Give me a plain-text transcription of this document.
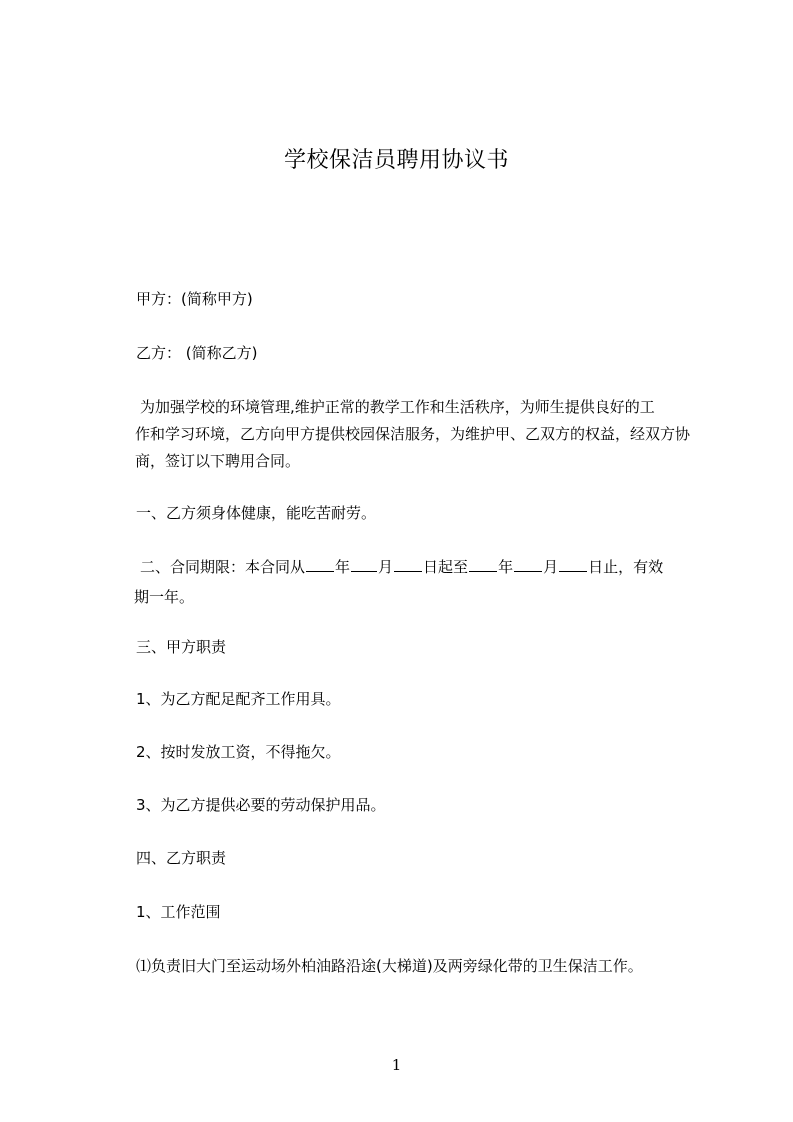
学校保洁员聘用协议书
甲方：(简称甲方)
乙方： (简称乙方)
为加强学校的环境管理,维护正常的教学工作和生活秩序，为师生提供良好的工
作和学习环境，乙方向甲方提供校园保洁服务，为维护甲、乙双方的权益，经双方协
商，签订以下聘用合同。
一、乙方须身体健康，能吃苦耐劳。
二、合同期限：本合同从 年 月 日起至 年 月 日止，有效
期一年。
三、甲方职责
1、为乙方配足配齐工作用具。
2、按时发放工资，不得拖欠。
3、为乙方提供必要的劳动保护用品。
四、乙方职责
1、工作范围
⑴负责旧大门至运动场外柏油路沿途(大梯道)及两旁绿化带的卫生保洁工作。
1
